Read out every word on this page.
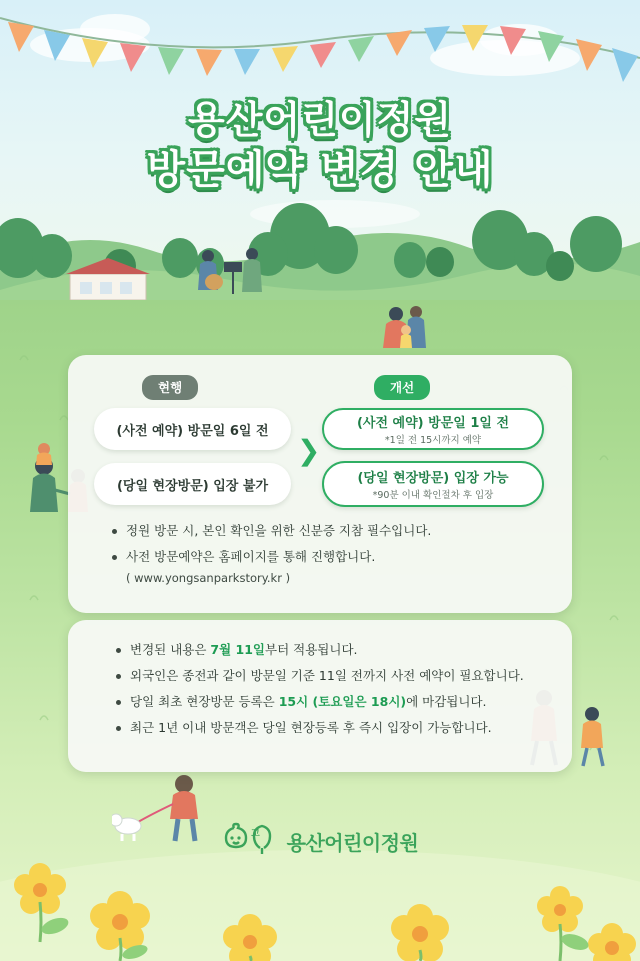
용산어린이정원
방문예약 변경 안내
현행	개선
(사전 예약) 방문일 6일 전	(사전 예약) 방문일 1일 전
*1일 전 15시까지 예약
❯
(당일 현장방문) 입장 불가	(당일 현장방문) 입장 가능
*90분 이내 확인절차 후 입장
정원 방문 시, 본인 확인을 위한 신분증 지참 필수입니다.
사전 방문예약은 홈페이지를 통해 진행합니다.
( www.yongsanparkstory.kr )
변경된 내용은 7월 11일부터 적용됩니다.
외국인은 종전과 같이 방문일 기준 11일 전까지 사전 예약이 필요합니다.
당일 최초 현장방문 등록은 15시 (토요일은 18시)에 마감됩니다.
최근 1년 이내 방문객은 당일 현장등록 후 즉시 입장이 가능합니다.
꼬 용산어린이정원
